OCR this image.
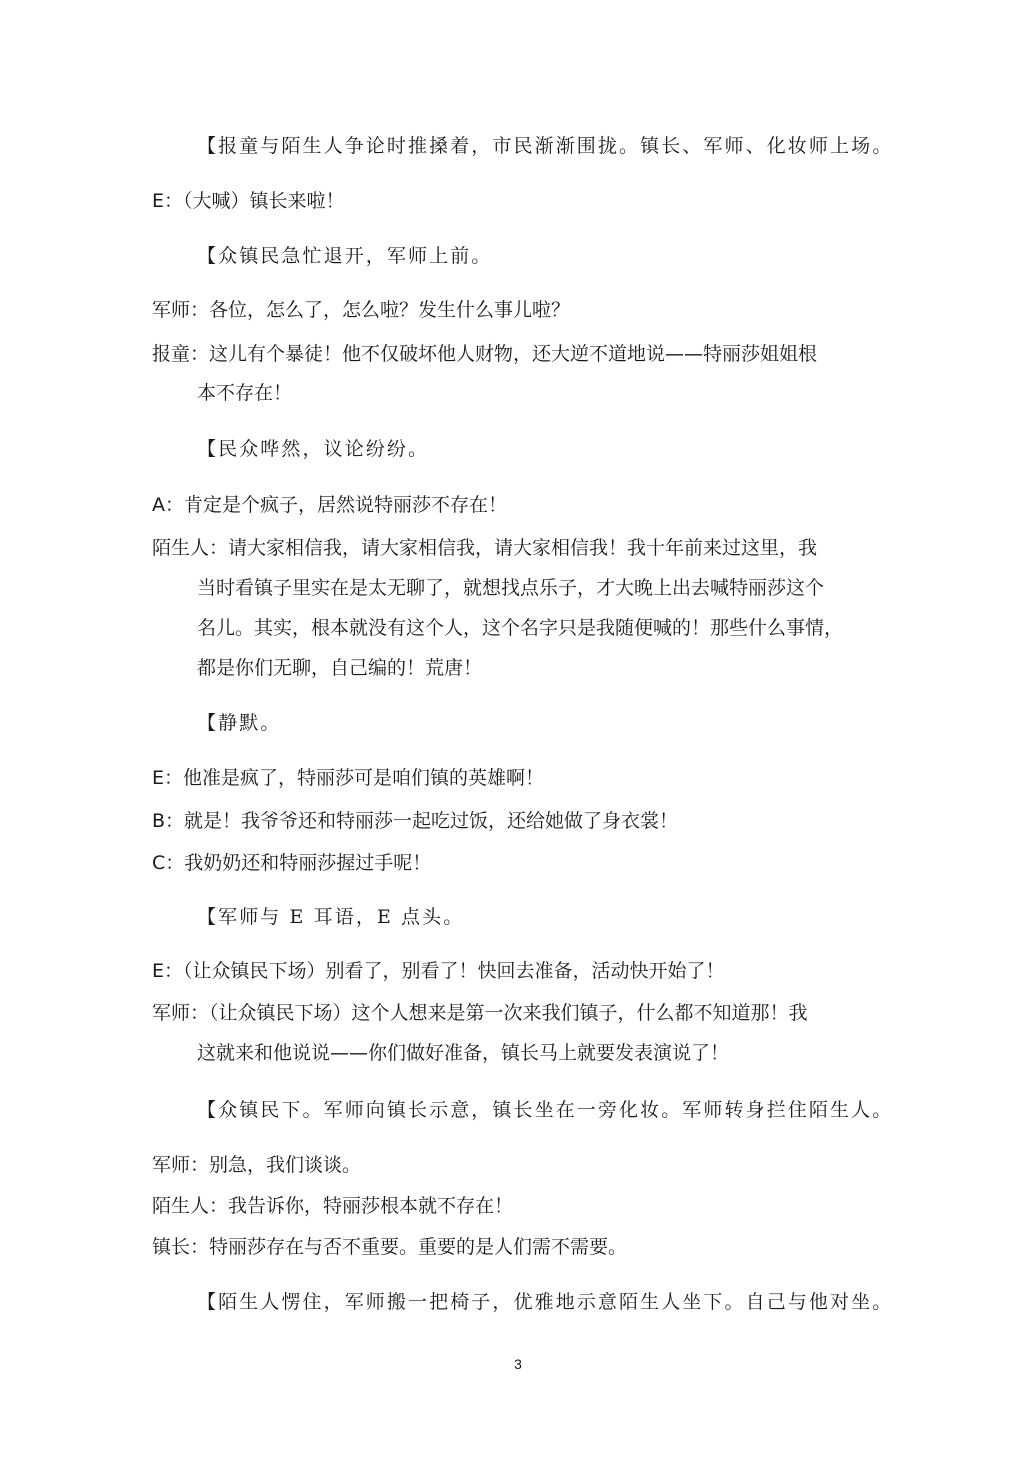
【报童与陌生人争论时推搡着，市民渐渐围拢。镇长、军师、化妆师上场。
E：（大喊）镇长来啦！
【众镇民急忙退开，军师上前。
军师：各位，怎么了，怎么啦？发生什么事儿啦？
报童：这儿有个暴徒！他不仅破坏他人财物，还大逆不道地说——特丽莎姐姐根
本不存在！
【民众哗然，议论纷纷。
A：肯定是个疯子，居然说特丽莎不存在！
陌生人：请大家相信我，请大家相信我，请大家相信我！我十年前来过这里，我
当时看镇子里实在是太无聊了，就想找点乐子，才大晚上出去喊特丽莎这个
名儿。其实，根本就没有这个人，这个名字只是我随便喊的！那些什么事情，
都是你们无聊，自己编的！荒唐！
【静默。
E：他准是疯了，特丽莎可是咱们镇的英雄啊！
B：就是！我爷爷还和特丽莎一起吃过饭，还给她做了身衣裳！
C：我奶奶还和特丽莎握过手呢！
【军师与 E 耳语，E 点头。
E：（让众镇民下场）别看了，别看了！快回去准备，活动快开始了！
军师：（让众镇民下场）这个人想来是第一次来我们镇子，什么都不知道那！我
这就来和他说说——你们做好准备，镇长马上就要发表演说了！
【众镇民下。军师向镇长示意，镇长坐在一旁化妆。军师转身拦住陌生人。
军师：别急，我们谈谈。
陌生人：我告诉你，特丽莎根本就不存在！
镇长：特丽莎存在与否不重要。重要的是人们需不需要。
【陌生人愣住，军师搬一把椅子，优雅地示意陌生人坐下。自己与他对坐。
3
